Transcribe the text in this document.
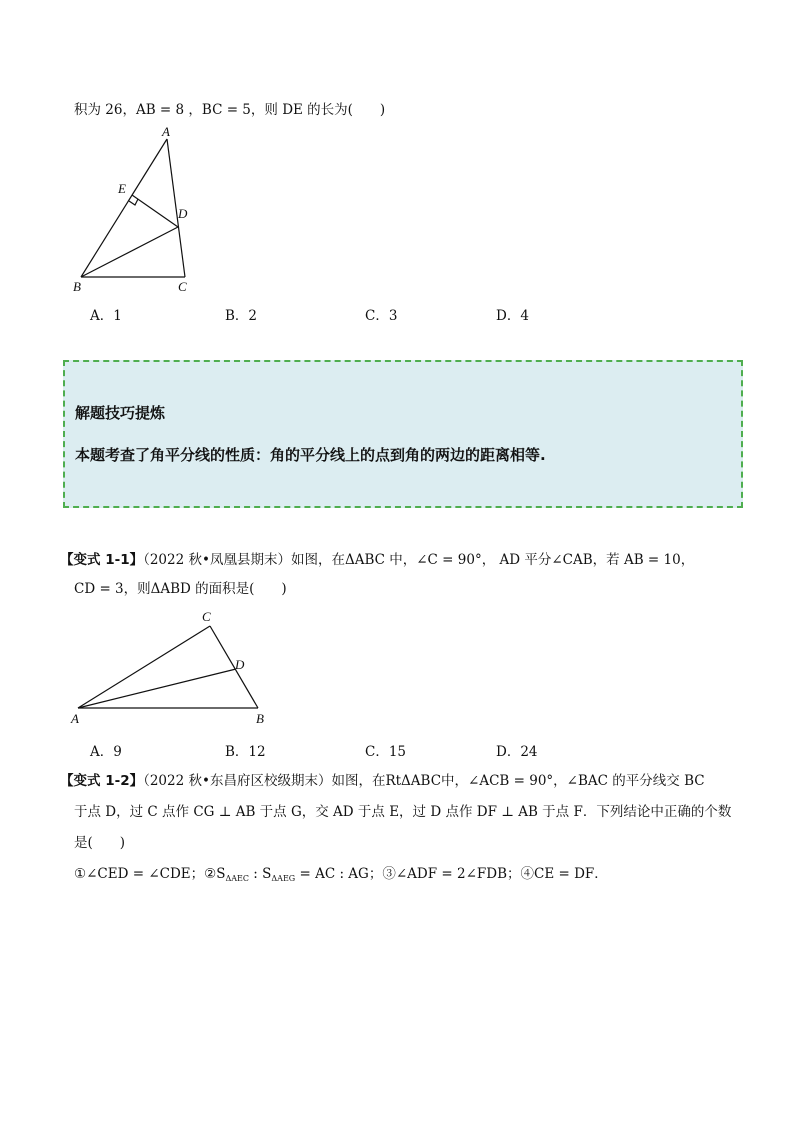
积为 26，AB = 8 ，BC = 5，则 DE 的长为(　　)
A
E
D
B	C
A．1	B．2	C．3	D．4
解题技巧提炼
本题考查了角平分线的性质：角的平分线上的点到角的两边的距离相等.
【变式 1-1】（2022 秋•凤凰县期末）如图，在ΔABC 中，∠C = 90°， AD 平分∠CAB，若 AB = 10，
CD = 3，则ΔABD 的面积是(　　)
C
D
A	B
A．9	B．12	C．15	D．24
【变式 1-2】（2022 秋•东昌府区校级期末）如图，在RtΔABC中，∠ACB = 90°，∠BAC 的平分线交 BC
于点 D，过 C 点作 CG ⊥ AB 于点 G，交 AD 于点 E，过 D 点作 DF ⊥ AB 于点 F．下列结论中正确的个数
是(　　)
①∠CED = ∠CDE；$②S_{\Delta AEC}$ : $S_{\Delta AEG}$ = AC : AG；③∠ADF = 2∠FDB；④CE = DF．
